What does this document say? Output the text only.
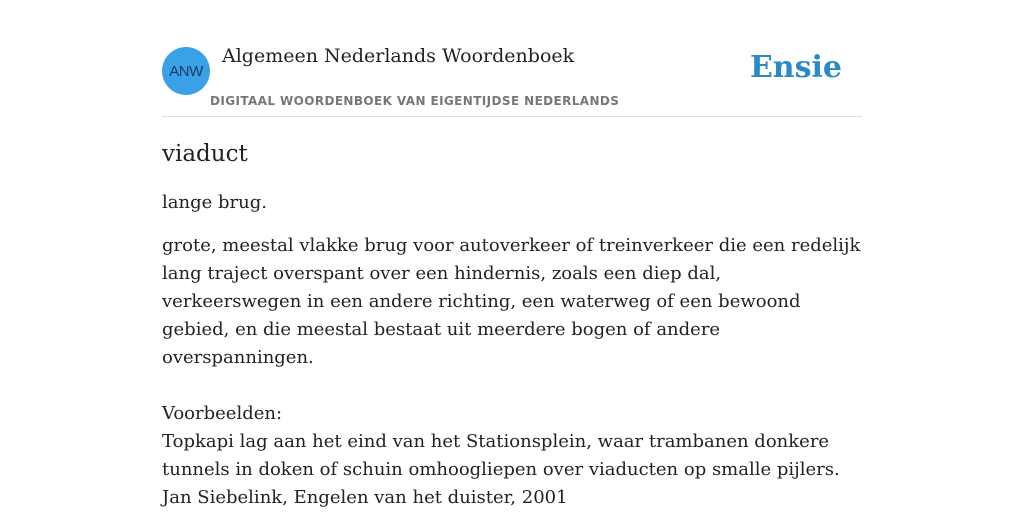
ANW
Algemeen Nederlands Woordenboek
DIGITAAL WOORDENBOEK VAN EIGENTIJDSE NEDERLANDS
Ensie
viaduct

lange brug.

grote, meestal vlakke brug voor autoverkeer of treinverkeer die een redelijk lang traject overspant over een hindernis, zoals een diep dal, verkeerswegen in een andere richting, een waterweg of een bewoond gebied, en die meestal bestaat uit meerdere bogen of andere overspanningen.

Voorbeelden:
Topkapi lag aan het eind van het Stationsplein, waar trambanen donkere tunnels in doken of schuin omhoogliepen over viaducten op smalle pijlers.
Jan Siebelink, Engelen van het duister, 2001
